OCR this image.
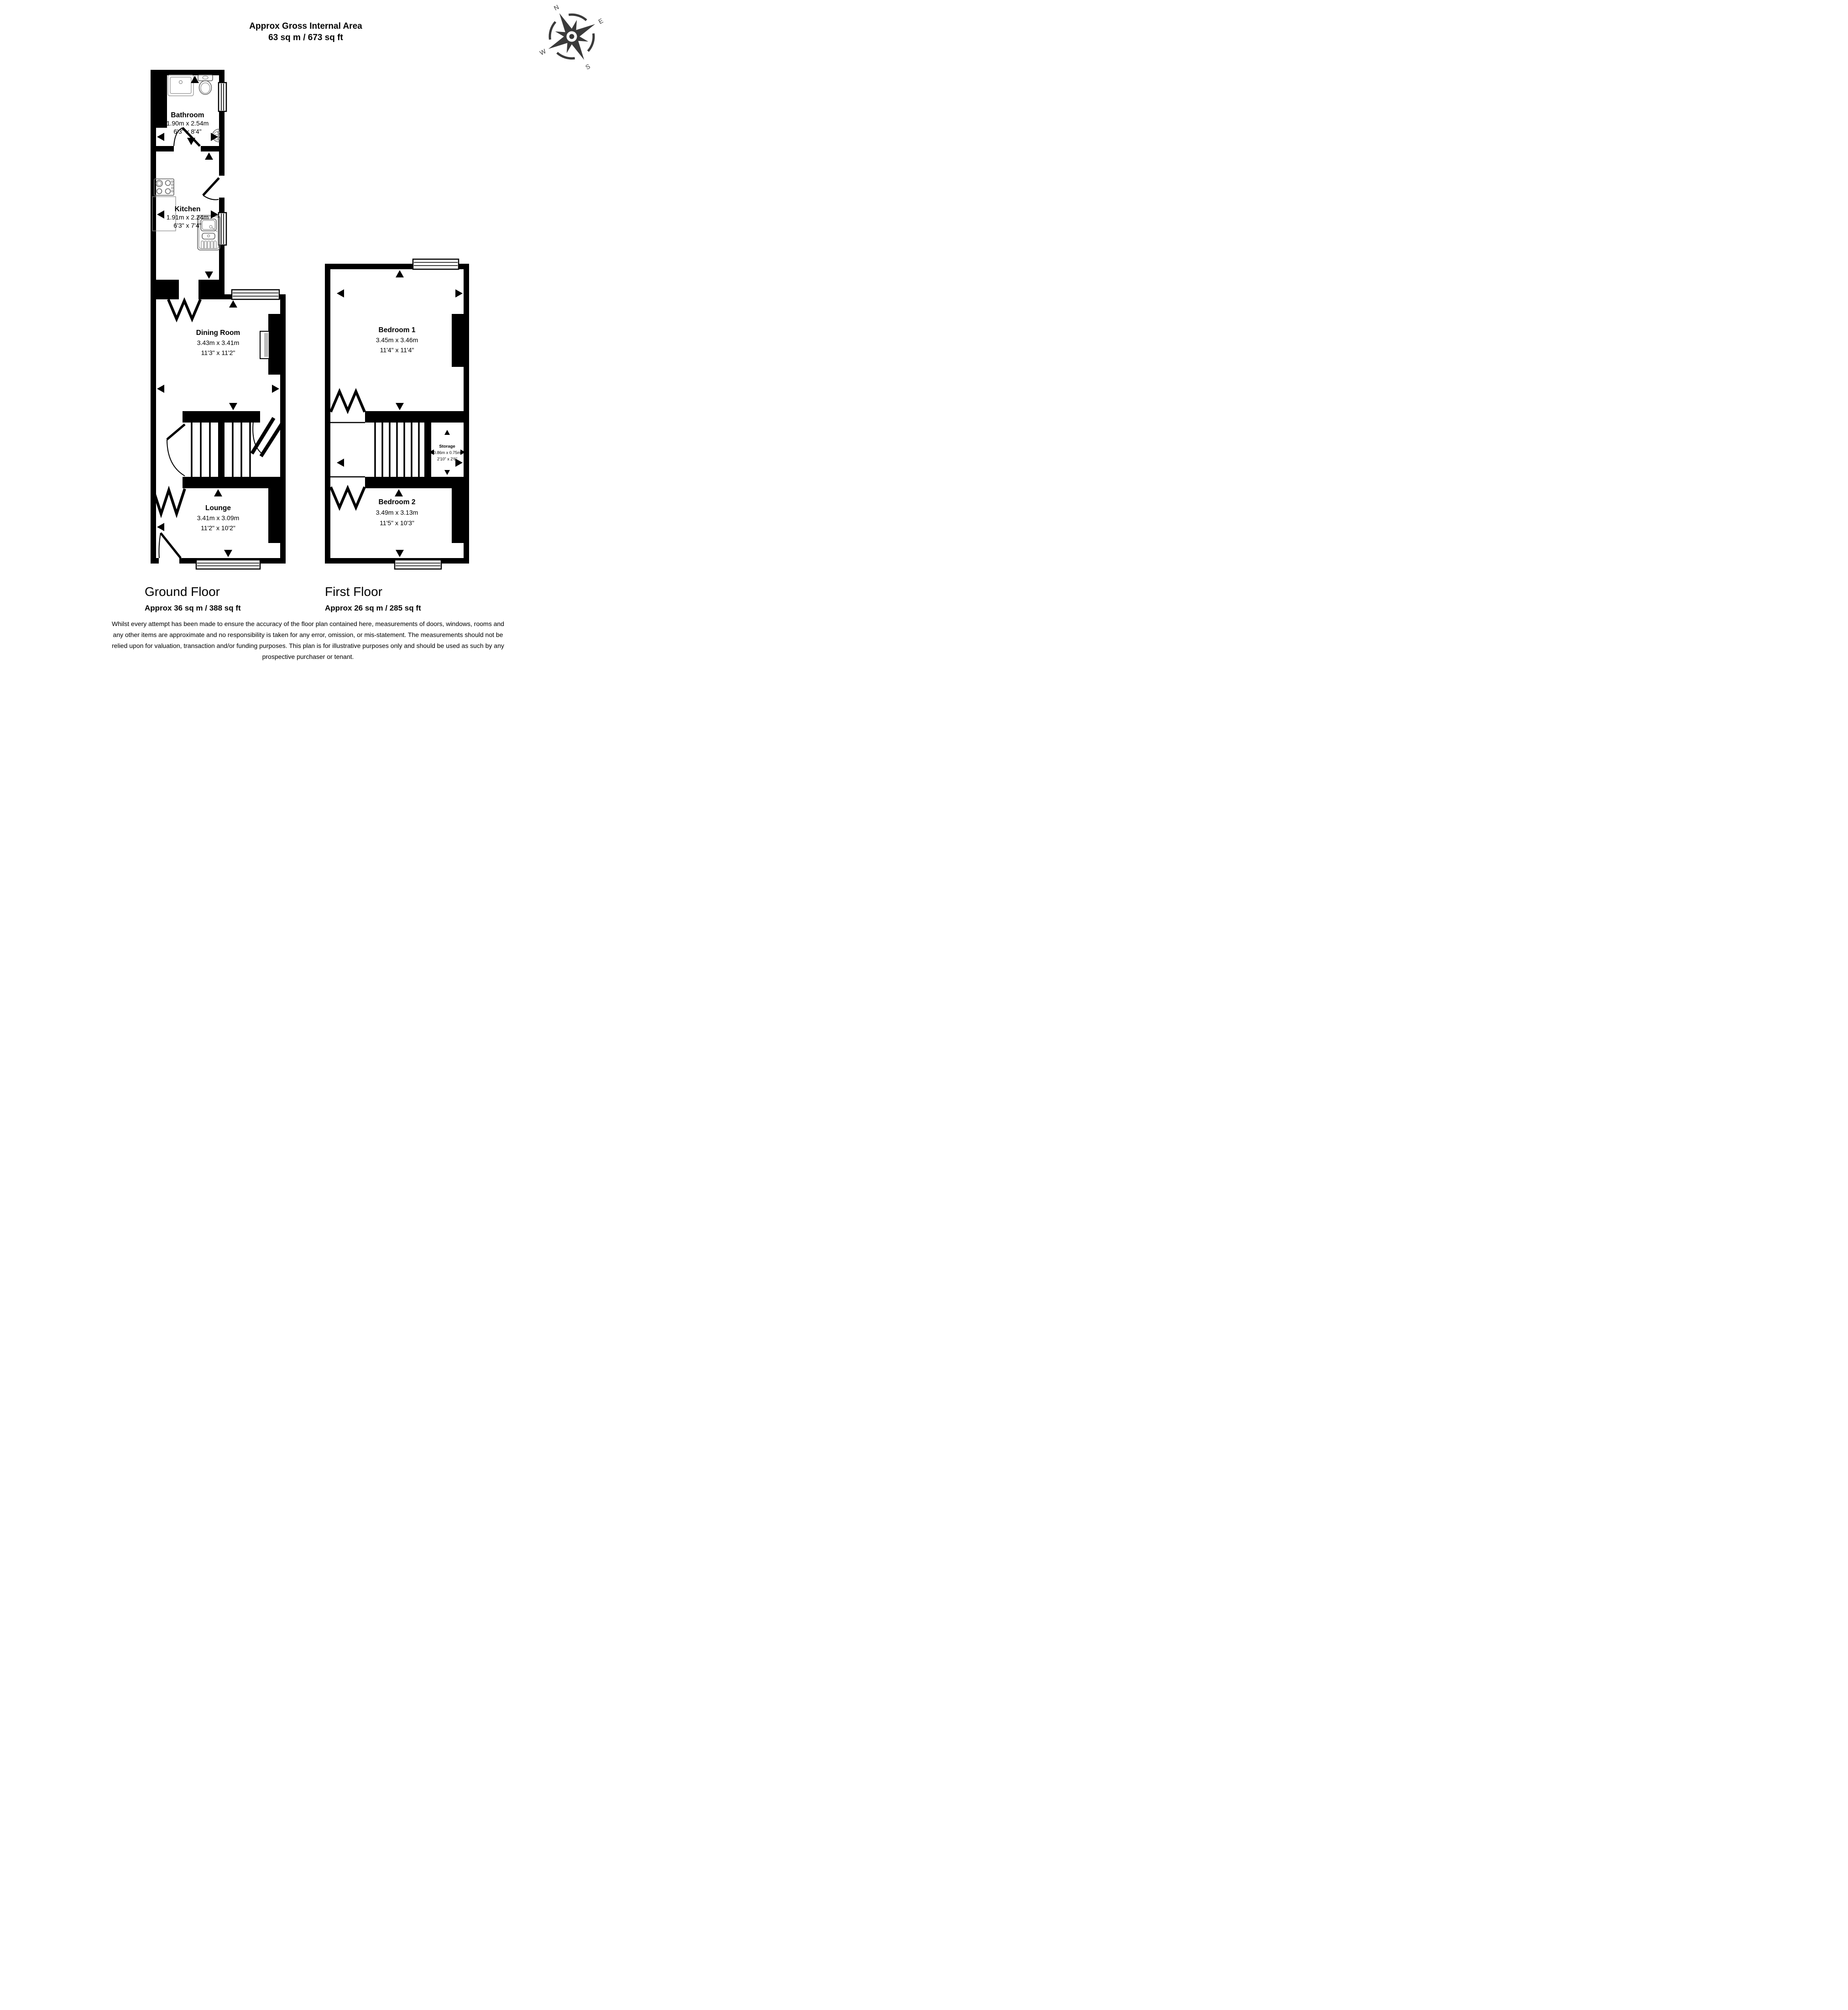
Approx Gross Internal Area
63 sq m / 673 sq ft
N
E
S
W
Bathroom
1.90m x 2.54m
6'3" x 8'4"
Kitchen
1.91m x 2.24m
6'3" x 7'4"
Dining Room
3.43m x 3.41m
11'3" x 11'2"
Lounge
3.41m x 3.09m
11'2" x 10'2"
Bedroom 1
3.45m x 3.46m
11'4" x 11'4"
Bedroom 2
3.49m x 3.13m
11'5" x 10'3"
Storage
0.86m x 0.75m
2'10" x 2'6"
Ground Floor
Approx 36 sq m / 388 sq ft
First Floor
Approx 26 sq m / 285 sq ft
Whilst every attempt has been made to ensure the accuracy of the floor plan contained here, measurements of doors, windows, rooms and
any other items are approximate and no responsibility is taken for any error, omission, or mis-statement. The measurements should not be
relied upon for valuation, transaction and/or funding purposes. This plan is for illustrative purposes only and should be used as such by any
prospective purchaser or tenant.
